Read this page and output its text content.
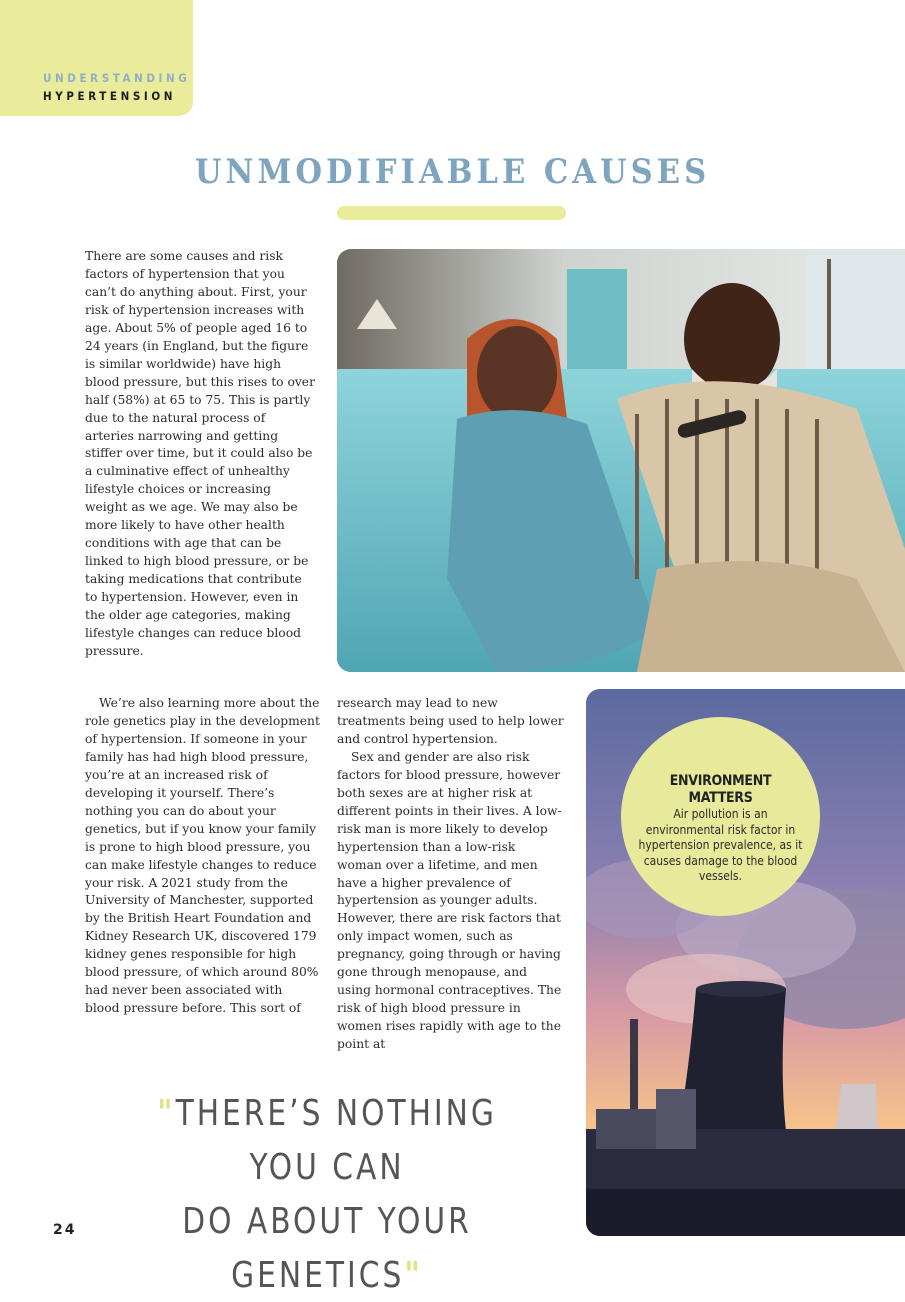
UNDERSTANDING
HYPERTENSION
UNMODIFIABLE CAUSES

There are some causes and risk factors of hypertension that you can’t do anything about. First, your risk of hypertension increases with age. About 5% of people aged 16 to 24 years (in England, but the figure is similar worldwide) have high blood pressure, but this rises to over half (58%) at 65 to 75. This is partly due to the natural process of arteries narrowing and getting stiffer over time, but it could also be a culminative effect of unhealthy lifestyle choices or increasing weight as we age. We may also be more likely to have other health conditions with age that can be linked to high blood pressure, or be taking medications that contribute to hypertension. However, even in the older age categories, making lifestyle changes can reduce blood pressure.

We’re also learning more about the role genetics play in the development of hypertension. If someone in your family has had high blood pressure, you’re at an increased risk of developing it yourself. There’s nothing you can do about your genetics, but if you know your family is prone to high blood pressure, you can make lifestyle changes to reduce your risk. A 2021 study from the University of Manchester, supported by the British Heart Foundation and Kidney Research UK, discovered 179 kidney genes responsible for high blood pressure, of which around 80% had never been associated with blood pressure before. This sort of

research may lead to new treatments being used to help lower and control hypertension.

Sex and gender are also risk factors for blood pressure, however both sexes are at higher risk at different points in their lives. A low-risk man is more likely to develop hypertension than a low-risk woman over a lifetime, and men have a higher prevalence of hypertension as younger adults. However, there are risk factors that only impact women, such as pregnancy, going through or having gone through menopause, and using hormonal contraceptives. The risk of high blood pressure in women rises rapidly with age to the point at

ENVIRONMENT MATTERS
Air pollution is an environmental risk factor in hypertension prevalence, as it causes damage to the blood vessels.
"THERE’S NOTHING YOU CAN
DO ABOUT YOUR GENETICS"
24
